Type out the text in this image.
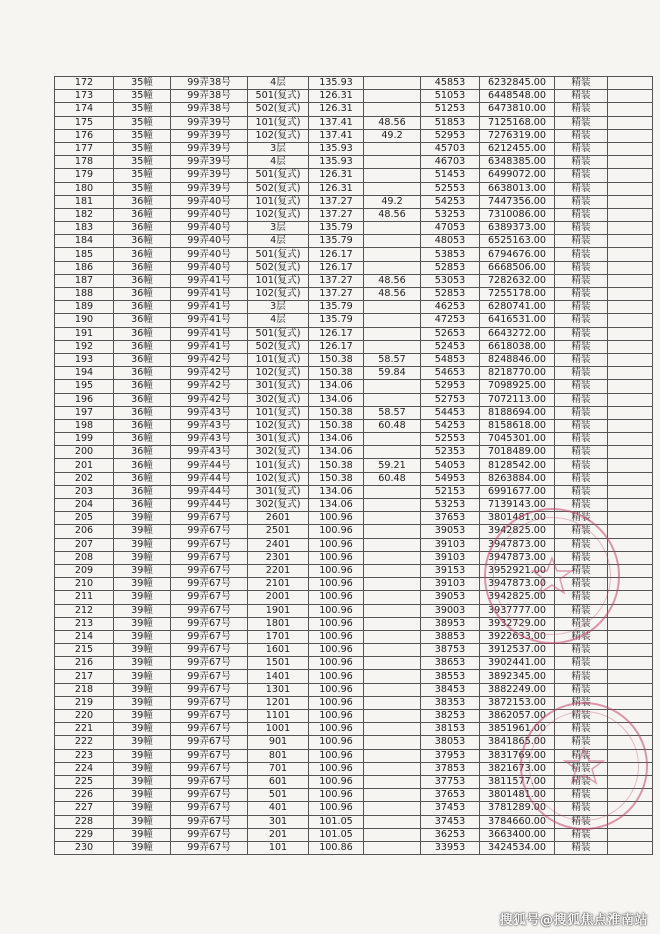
172	35幢	99弄38号	4层	135.93		45853	6232845.00	精装	
173	35幢	99弄38号	501(复式)	126.31		51053	6448548.00	精装	
174	35幢	99弄38号	502(复式)	126.31		51253	6473810.00	精装	
175	35幢	99弄39号	101(复式)	137.41	48.56	51853	7125168.00	精装	
176	35幢	99弄39号	102(复式)	137.41	49.2	52953	7276319.00	精装	
177	35幢	99弄39号	3层	135.93		45703	6212455.00	精装	
178	35幢	99弄39号	4层	135.93		46703	6348385.00	精装	
179	35幢	99弄39号	501(复式)	126.31		51453	6499072.00	精装	
180	35幢	99弄39号	502(复式)	126.31		52553	6638013.00	精装	
181	36幢	99弄40号	101(复式)	137.27	49.2	54253	7447356.00	精装	
182	36幢	99弄40号	102(复式)	137.27	48.56	53253	7310086.00	精装	
183	36幢	99弄40号	3层	135.79		47053	6389373.00	精装	
184	36幢	99弄40号	4层	135.79		48053	6525163.00	精装	
185	36幢	99弄40号	501(复式)	126.17		53853	6794676.00	精装	
186	36幢	99弄40号	502(复式)	126.17		52853	6668506.00	精装	
187	36幢	99弄41号	101(复式)	137.27	48.56	53053	7282632.00	精装	
188	36幢	99弄41号	102(复式)	137.27	48.56	52853	7255178.00	精装	
189	36幢	99弄41号	3层	135.79		46253	6280741.00	精装	
190	36幢	99弄41号	4层	135.79		47253	6416531.00	精装	
191	36幢	99弄41号	501(复式)	126.17		52653	6643272.00	精装	
192	36幢	99弄41号	502(复式)	126.17		52453	6618038.00	精装	
193	36幢	99弄42号	101(复式)	150.38	58.57	54853	8248846.00	精装	
194	36幢	99弄42号	102(复式)	150.38	59.84	54653	8218770.00	精装	
195	36幢	99弄42号	301(复式)	134.06		52953	7098925.00	精装	
196	36幢	99弄42号	302(复式)	134.06		52753	7072113.00	精装	
197	36幢	99弄43号	101(复式)	150.38	58.57	54453	8188694.00	精装	
198	36幢	99弄43号	102(复式)	150.38	60.48	54253	8158618.00	精装	
199	36幢	99弄43号	301(复式)	134.06		52553	7045301.00	精装	
200	36幢	99弄43号	302(复式)	134.06		52353	7018489.00	精装	
201	36幢	99弄44号	101(复式)	150.38	59.21	54053	8128542.00	精装	
202	36幢	99弄44号	102(复式)	150.38	60.48	54953	8263884.00	精装	
203	36幢	99弄44号	301(复式)	134.06		52153	6991677.00	精装	
204	36幢	99弄44号	302(复式)	134.06		53253	7139143.00	精装	
205	39幢	99弄67号	2601	100.96		37653	3801481.00	精装	
206	39幢	99弄67号	2501	100.96		39053	3942825.00	精装	
207	39幢	99弄67号	2401	100.96		39103	3947873.00	精装	
208	39幢	99弄67号	2301	100.96		39103	3947873.00	精装	
209	39幢	99弄67号	2201	100.96		39153	3952921.00	精装	
210	39幢	99弄67号	2101	100.96		39103	3947873.00	精装	
211	39幢	99弄67号	2001	100.96		39053	3942825.00	精装	
212	39幢	99弄67号	1901	100.96		39003	3937777.00	精装	
213	39幢	99弄67号	1801	100.96		38953	3932729.00	精装	
214	39幢	99弄67号	1701	100.96		38853	3922633.00	精装	
215	39幢	99弄67号	1601	100.96		38753	3912537.00	精装	
216	39幢	99弄67号	1501	100.96		38653	3902441.00	精装	
217	39幢	99弄67号	1401	100.96		38553	3892345.00	精装	
218	39幢	99弄67号	1301	100.96		38453	3882249.00	精装	
219	39幢	99弄67号	1201	100.96		38353	3872153.00	精装	
220	39幢	99弄67号	1101	100.96		38253	3862057.00	精装	
221	39幢	99弄67号	1001	100.96		38153	3851961.00	精装	
222	39幢	99弄67号	901	100.96		38053	3841865.00	精装	
223	39幢	99弄67号	801	100.96		37953	3831769.00	精装	
224	39幢	99弄67号	701	100.96		37853	3821673.00	精装	
225	39幢	99弄67号	601	100.96		37753	3811577.00	精装	
226	39幢	99弄67号	501	100.96		37653	3801481.00	精装	
227	39幢	99弄67号	401	100.96		37453	3781289.00	精装	
228	39幢	99弄67号	301	101.05		37453	3784660.00	精装	
229	39幢	99弄67号	201	101.05		36253	3663400.00	精装	
230	39幢	99弄67号	101	100.86		33953	3424534.00	精装	
搜狐号@搜狐焦点淮南站
